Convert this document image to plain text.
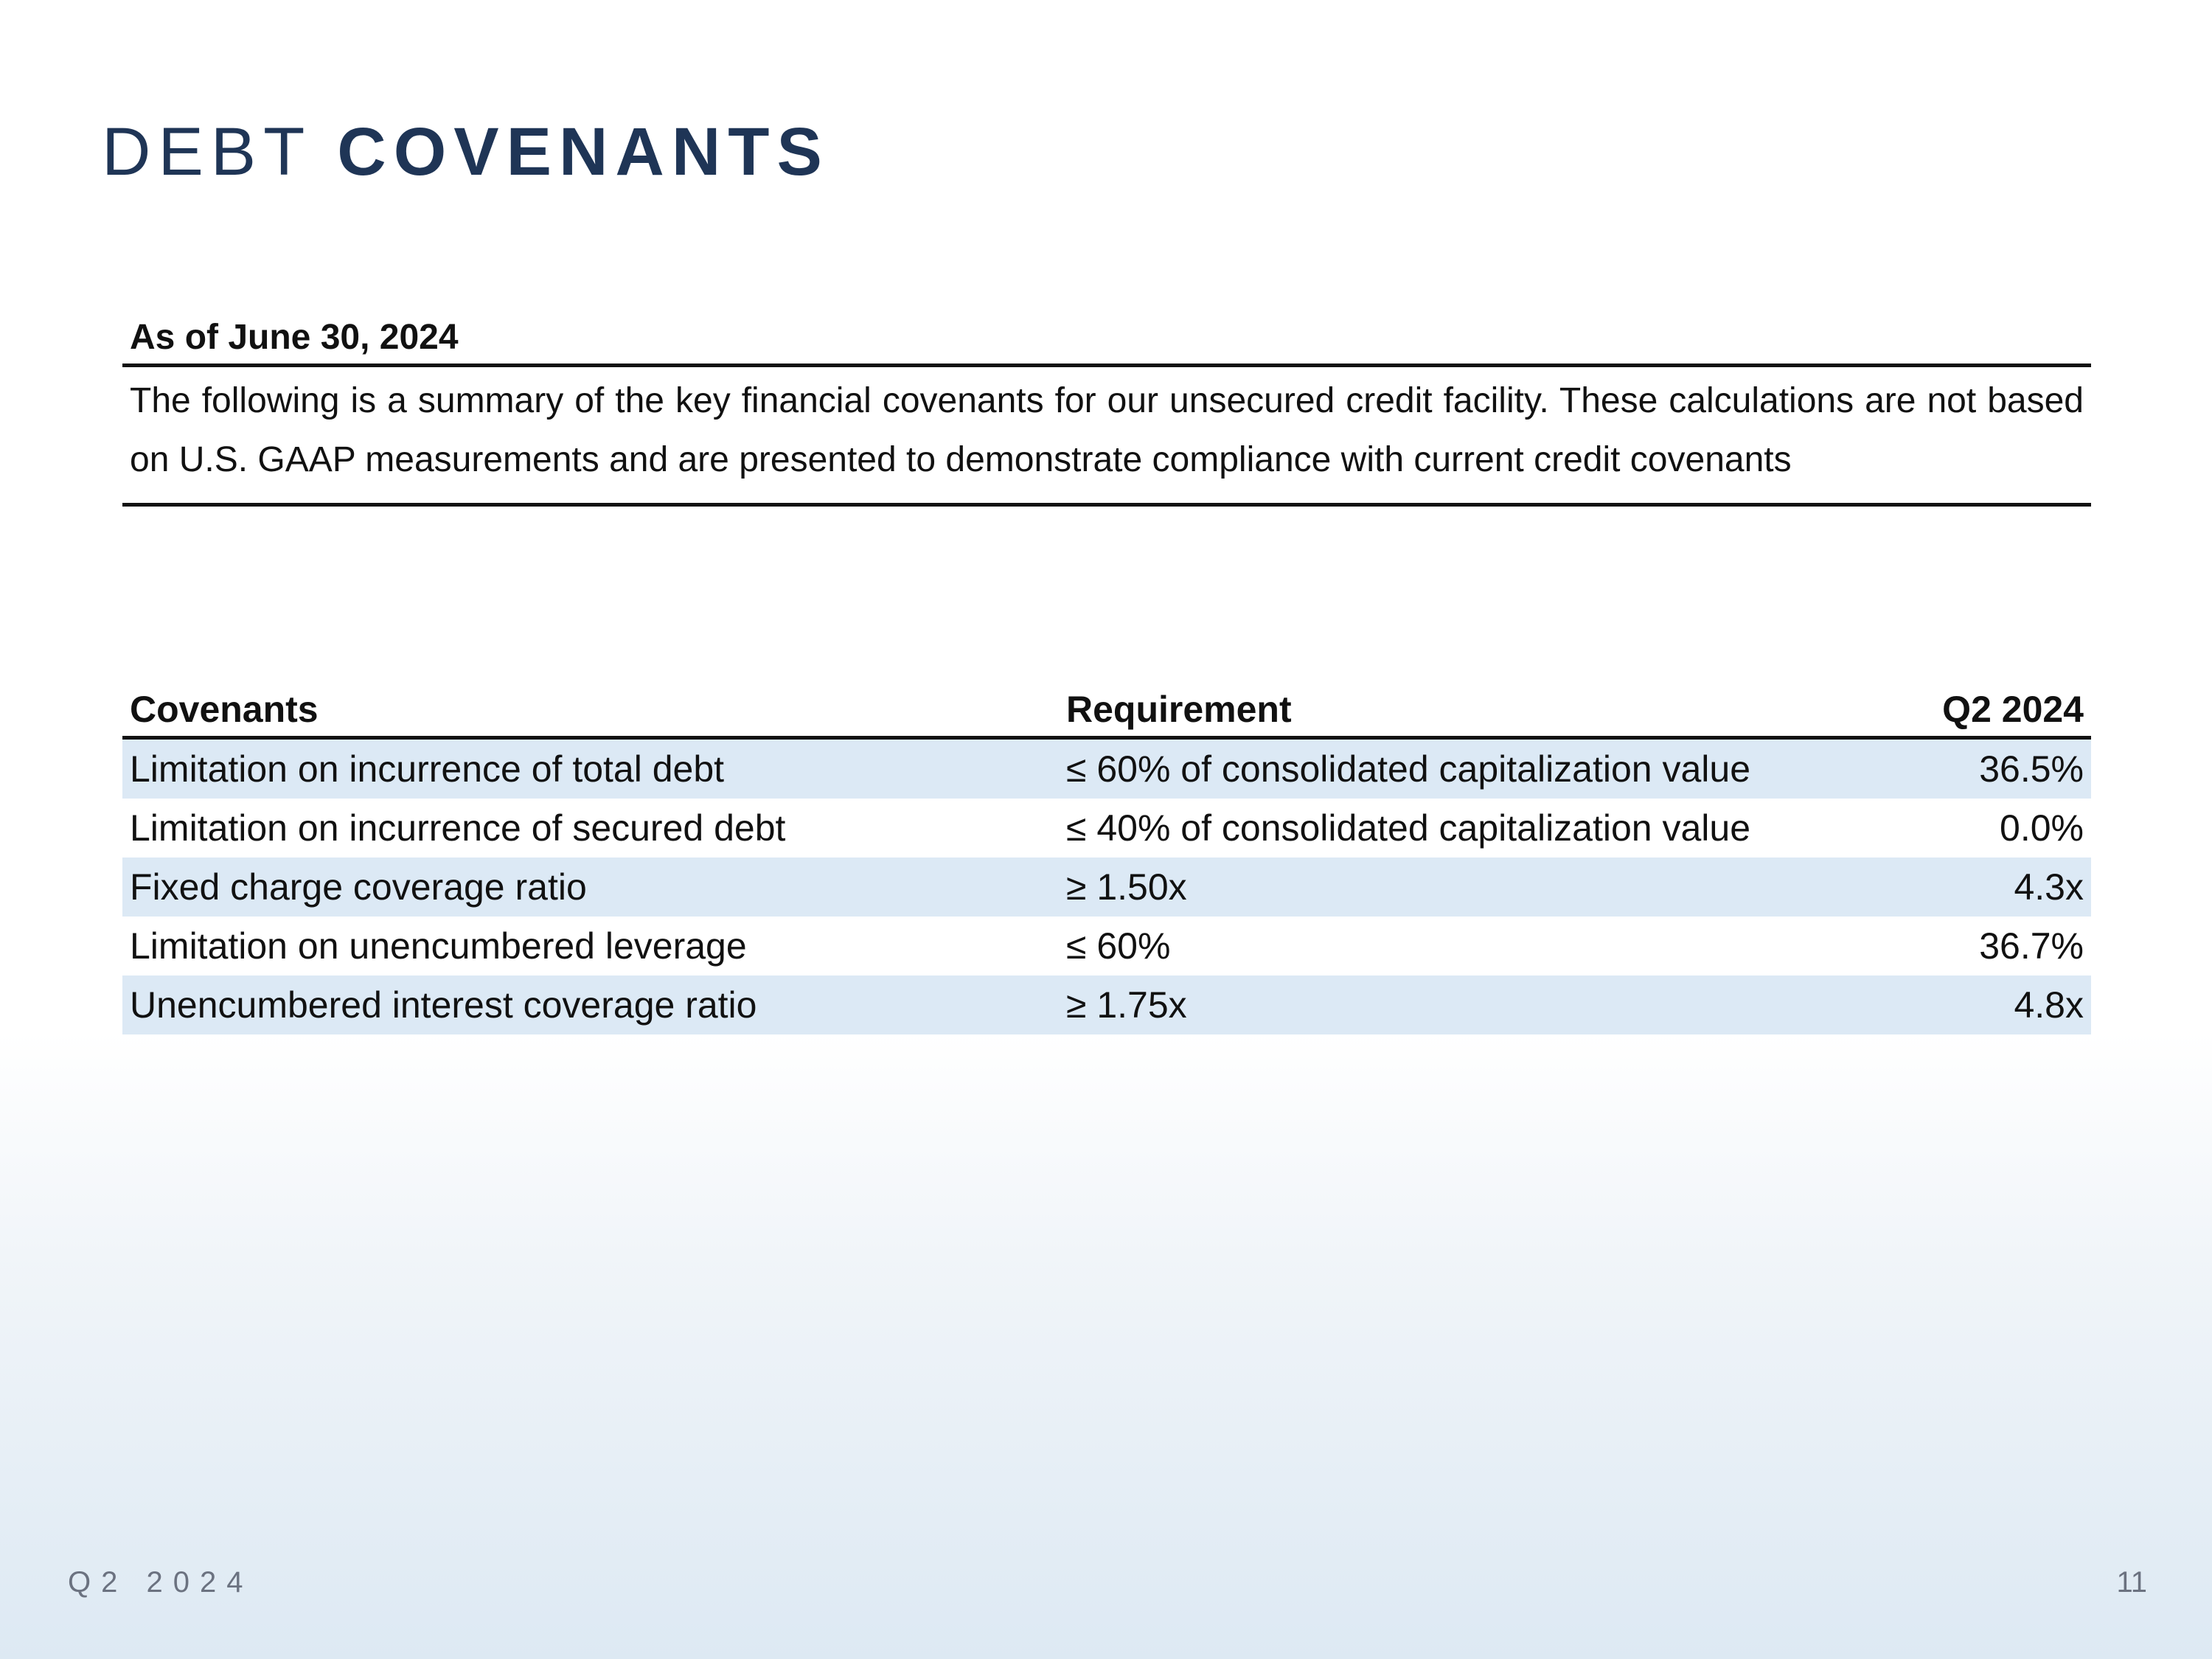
DEBT COVENANTS
As of June 30, 2024
The following is a summary of the key financial covenants for our unsecured credit facility. These calculations are not based on U.S. GAAP measurements and are presented to demonstrate compliance with current credit covenants
Covenants	Requirement	Q2 2024
Limitation on incurrence of total debt	≤ 60% of consolidated capitalization value	36.5%
Limitation on incurrence of secured debt	≤ 40% of consolidated capitalization value	0.0%
Fixed charge coverage ratio	≥ 1.50x	4.3x
Limitation on unencumbered leverage	≤ 60%	36.7%
Unencumbered interest coverage ratio	≥ 1.75x	4.8x
Q2 2024	11
